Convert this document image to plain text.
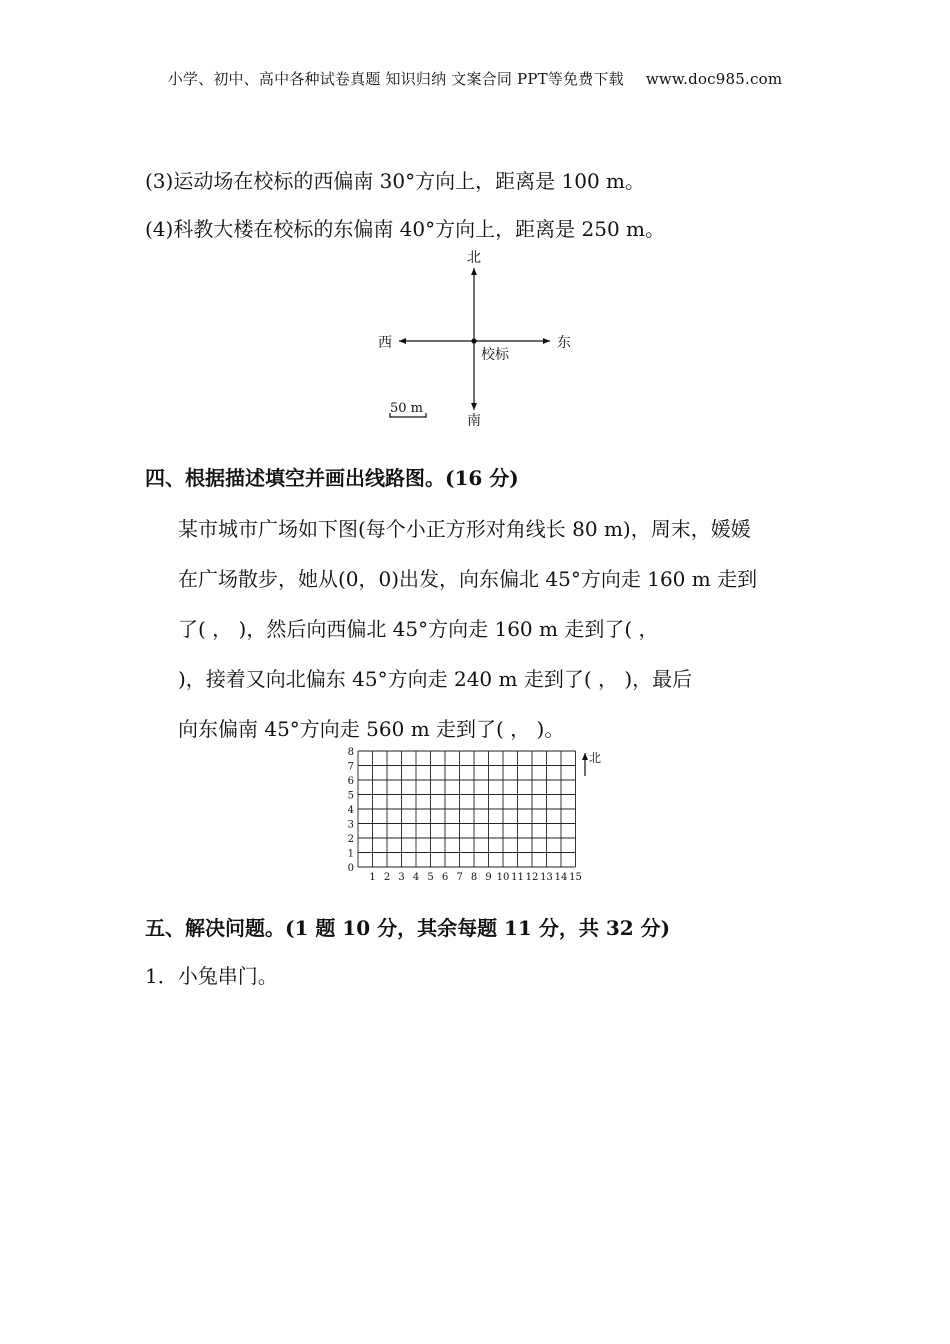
小学、初中、高中各种试卷真题 知识归纳 文案合同 PPT等免费下载 www.doc985.com
(3)运动场在校标的西偏南 30°方向上，距离是 100 m。
(4)科教大楼在校标的东偏南 40°方向上，距离是 250 m。
北
南
东
西
校标
50 m
四、根据描述填空并画出线路图。(16 分)
某市城市广场如下图(每个小正方形对角线长 80 m)，周末，媛媛
在广场散步，她从(0，0)出发，向东偏北 45°方向走 160 m 走到
了( ， )，然后向西偏北 45°方向走 160 m 走到了( ，
)，接着又向北偏东 45°方向走 240 m 走到了( ， )，最后
向东偏南 45°方向走 560 m 走到了( ， )。
1 2 3 4 5 6 7 8 9 10 11 12 13 14 15
0
1
2
3
4
5
6
7
8	北
五、解决问题。(1 题 10 分，其余每题 11 分，共 32 分)
1．小兔串门。
